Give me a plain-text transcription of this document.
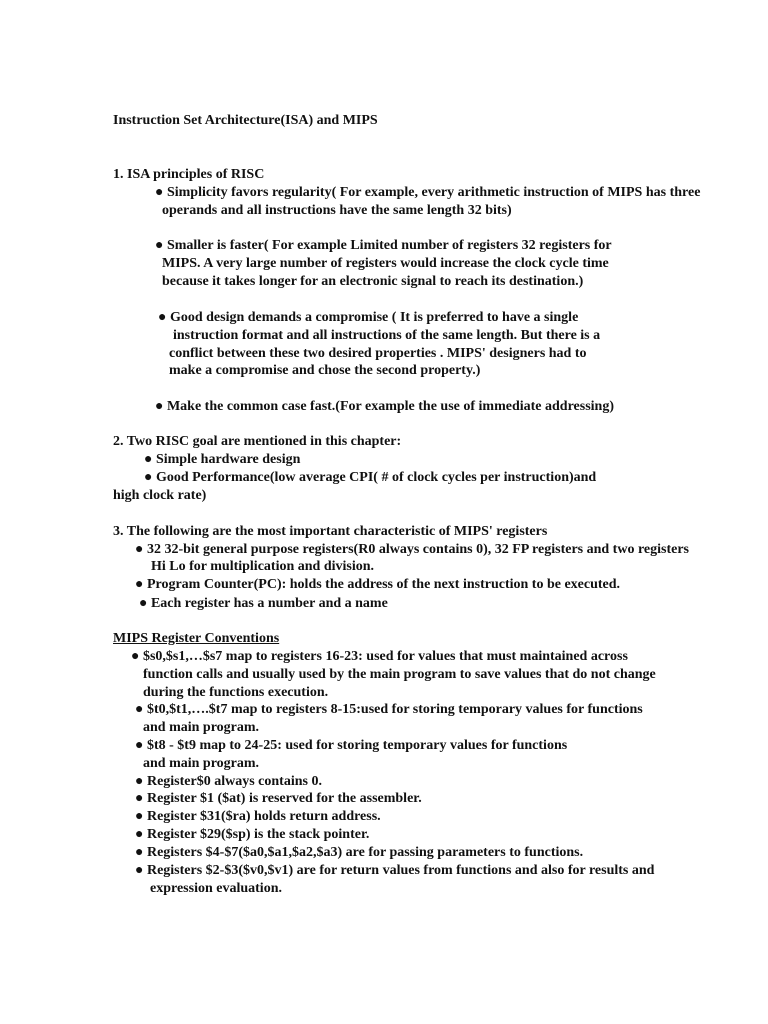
Instruction Set Architecture(ISA) and MIPS
1. ISA principles of RISC
● Simplicity favors regularity( For example, every arithmetic instruction of MIPS has three
operands and all instructions have the same length 32 bits)
● Smaller is faster( For example Limited number of registers 32 registers for
MIPS. A very large number of registers would increase the clock cycle time
because it takes longer for an electronic signal to reach its destination.)
● Good design demands a compromise ( It is preferred to have a single
instruction format and all instructions of the same length. But there is a
conflict between these two desired properties . MIPS' designers had to
make a compromise and chose the second property.)
● Make the common case fast.(For example the use of immediate addressing)
2. Two RISC goal are mentioned in this chapter:
● Simple hardware design
● Good Performance(low average CPI( # of clock cycles per instruction)and
high clock rate)
3. The following are the most important characteristic of MIPS' registers
● 32 32-bit general purpose registers(R0 always contains 0), 32 FP registers and two registers
Hi Lo for multiplication and division.
● Program Counter(PC): holds the address of the next instruction to be executed.
● Each register has a number and a name
MIPS Register Conventions
● $s0,$s1,…$s7 map to registers 16-23: used for values that must maintained across
function calls and usually used by the main program to save values that do not change
during the functions execution.
● $t0,$t1,….$t7 map to registers 8-15:used for storing temporary values for functions
and main program.
● $t8 - $t9 map to 24-25: used for storing temporary values for functions
and main program.
● Register$0 always contains 0.
● Register $1 ($at) is reserved for the assembler.
● Register $31($ra) holds return address.
● Register $29($sp) is the stack pointer.
● Registers $4-$7($a0,$a1,$a2,$a3) are for passing parameters to functions.
● Registers $2-$3($v0,$v1) are for return values from functions and also for results and
expression evaluation.
